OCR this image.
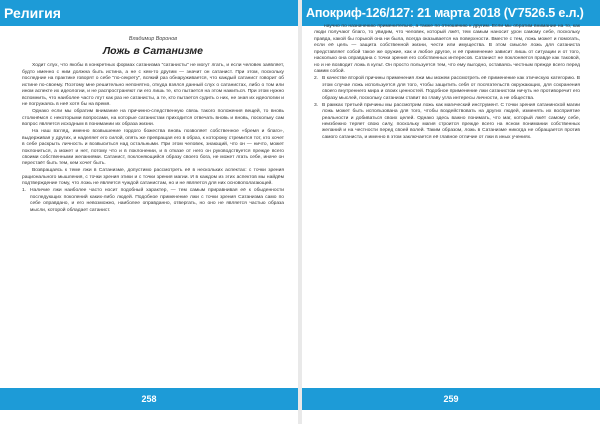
Религия	Апокриф-126/127: 21 марта 2018 (Ѵ7526.5 е.л.)
Владимир Воронов
Ложь в Сатанизме

Ходит слух, что якобы в конкретных формах сатанизма "сатанисты" не могут лгать, и если человек заявляет, будто именно с ним должна быть истина, а не с кем-то другим — значит он сатанист. При этом, поскольку последние на практике говорят о себе "по-секрету", всякий раз обнаруживается, что каждый сатанист говорит об истине по-своему. Поэтому мне решительно непонятно, откуда взялся данный слух о сатанистах, либо о том или ином аспекте их идеологии, и не распространяют ли его лишь те, кто пытается на этом нажиться. При этом нужно вспомнить, что наиболее часто лгут как раз не сатанисты, а те, кто пытается судить о них, не зная их идеологии и не погружаясь в неё хотя бы на время.

Однако если мы обратим внимание на причинно-следственную связь такого положения вещей, то вновь столкнёмся с некоторыми вопросами, на которые сатанистам приходится отвечать вновь и вновь, поскольку сам вопрос является исходным в понимании их образа жизни.

На наш взгляд, именно возвышение гордого божества вновь позволяет собственное «бремя и благо», выдерживая у других, и наделяет его силой, опять же превращая его в образ, к которому стремится тот, кто хочет в себе раскрыть личность и возвыситься над остальными. При этом человек, знающий, что он — ничто, может поклониться, а может и нет, потому что и в поклонении, и в отказе от него он руководствуется прежде всего своими собственными желаниями. Сатанист, поклоняющийся образу своего бога, не может лгать себе, иначе он перестаёт быть тем, кем хочет быть.

Возвращаясь к теме лжи в Сатанизме, допустимо рассмотреть её в нескольких аспектах: с точки зрения рационального мышления, с точки зрения этики и с точки зрения магии. И в каждом из этих аспектов мы найдём подтверждение тому, что ложь не является чуждой сатанистам, но и не является для них основополагающей.

1. Наличие лжи наиболее часто носит подобный характер, — тем самым приравнивая её к обыденности последующих поколений каких-либо людей. Подобное применение лжи с точки зрения Сатанизма само по себе оправдано, и его невозможно, наиболее оправданно, отвергать, но оно не является частью образа мысли, которой обладает сатанист.

научно по назначению применительно, а также по отношению к другим. Если мы обратим внимание на то, как люди получают благо, то увидим, что человек, который лжёт, тем самым наносит урон самому себе, поскольку правда, какой бы горькой она ни была, всегда оказывается на поверхности. Вместе с тем, ложь может и помогать, если её цель — защита собственной жизни, чести или имущества. В этом смысле ложь для сатаниста представляет собой такое же оружие, как и любое другое, и её применение зависит лишь от ситуации и от того, насколько она оправдана с точки зрения его собственных интересов. Сатанист не поклоняется правде как таковой, но и не возводит ложь в культ. Он просто пользуется тем, что ему выгодно, оставаясь честным прежде всего перед самим собой.

2. В качестве второй причины применения лжи мы можем рассмотреть её применение как этическую категорию. В этом случае ложь используется для того, чтобы защитить себя от посягательств окружающих, для сохранения своего внутреннего мира и своих ценностей. Подобное применение лжи сатанистом ничуть не противоречит его образу мыслей, поскольку сатанизм ставит во главу угла интересы личности, а не общества.
3. В рамках третьей причины мы рассмотрим ложь как магический инструмент. С точки зрения сатанинской магии ложь может быть использована для того, чтобы воздействовать на других людей, изменять их восприятие реальности и добиваться своих целей. Однако здесь важно понимать, что маг, который лжёт самому себе, неизбежно теряет свою силу, поскольку магия строится прежде всего на ясном понимании собственных желаний и на честности перед своей волей. Таким образом, ложь в Сатанизме никогда не обращается против самого сатаниста, и именно в этом заключается её главное отличие от лжи в иных учениях.
258	259
